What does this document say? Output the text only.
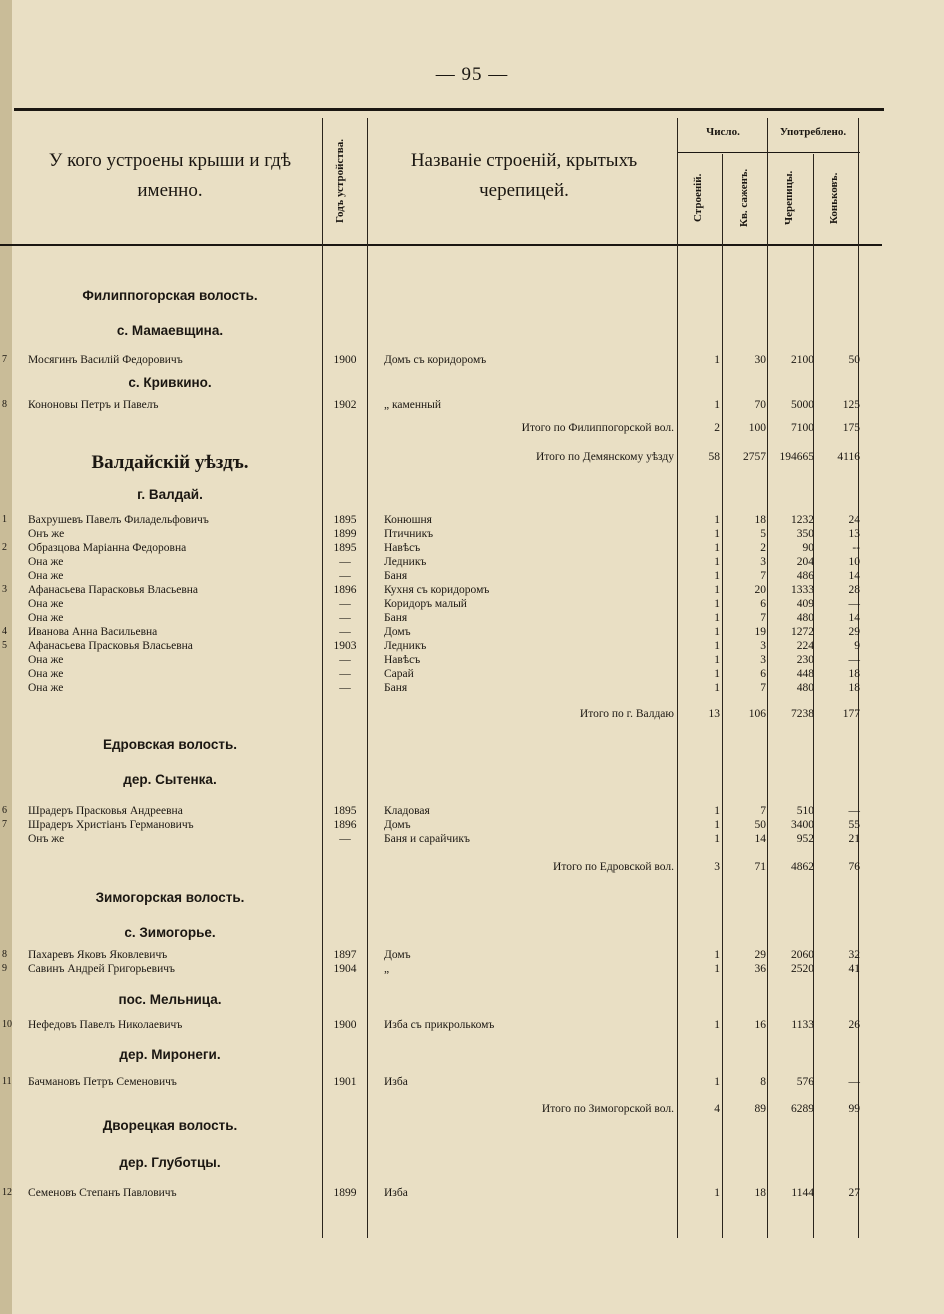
— 95 —
У кого устроены крыши и гдѣ именно.	Годъ устройства.	Названіе строеній, крытыхъ черепицей.
Число.	Употреблено.
Строеній.	Кв. саженъ.	Черепицы.	Коньковъ.
Филиппогорская волость.
с. Мамаевщина.
с. Кривкино.
Валдайскій уѣздъ.
г. Валдай.
Едровская волость.
дер. Сытенка.
Зимогорская волость.
с. Зимогорье.
пос. Мельница.
дер. Миронеги.
Дворецкая волость.
дер. Глуботцы.
7 Мосягинъ Василій Федоровичъ	1900 Домъ съ коридоромъ	1	30	2100	50
8 Кононовы Петръ и Павелъ	1902 „ каменный	1	70	5000	125
1 Вахрушевъ Павелъ Филадельфовичъ	1895 Конюшня	1	18	1232	24
Онъ же	1899 Птичникъ	1	5	350	13
2 Образцова Маріанна Федоровна	1895 Навѣсъ	1	2	90	--
Она же	—	Ледникъ	1	3	204	10
Она же	—	Баня	1	7	486	14
3 Афанасьева Парасковья Власьевна	1896 Кухня съ коридоромъ	1	20	1333	28
Она же	—	Коридоръ малый	1	6	409	—
Она же	—	Баня	1	7	480	14
4 Иванова Анна Васильевна	—	Домъ	1	19	1272	29
5 Афанасьева Прасковья Власьевна	1903 Ледникъ	1	3	224	9
Она же	—	Навѣсъ	1	3	230	—
Она же	—	Сарай	1	6	448	18
Она же	—	Баня	1	7	480	18
6 Шрадеръ Прасковья Андреевна	1895 Кладовая	1	7	510	—
7 Шрадеръ Христіанъ Германовичъ	1896 Домъ	1	50	3400	55
Онъ же	—	Баня и сарайчикъ	1	14	952	21
8 Пахаревъ Яковъ Яковлевичъ	1897 Домъ	1	29	2060	32
9 Савинъ Андрей Григорьевичъ	1904 „	1	36	2520	41
10 Нефедовъ Павелъ Николаевичъ	1900 Изба съ прикролькомъ	1	16	1133	26
11 Бачмановъ Петръ Семеновичъ	1901 Изба	1	8	576	—
12 Семеновъ Степанъ Павловичъ	1899 Изба	1	18	1144	27
Итого по Филиппогорской вол.	2	100	7100	175
Итого по Демянскому уѣзду	58	2757	194665	4116
Итого по г. Валдаю	13	106	7238	177
Итого по Едровской вол.	3	71	4862	76
Итого по Зимогорской вол.	4	89	6289	99
